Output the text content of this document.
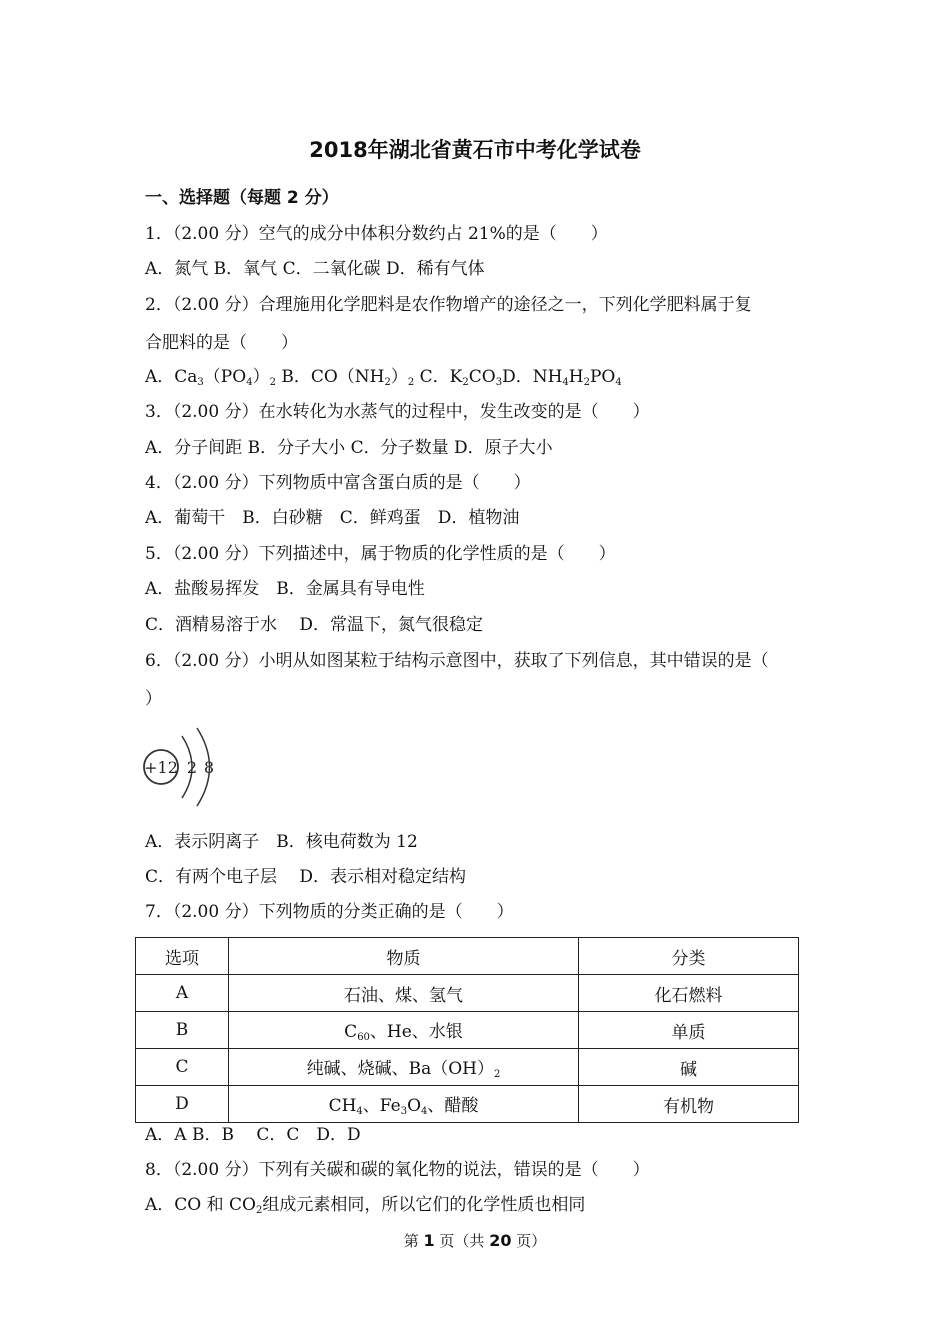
2018年湖北省黄石市中考化学试卷
一、选择题（每题 2 分）
1．（2.00 分）空气的成分中体积分数约占 21%的是（　　）
A．氮气 B．氧气 C．二氧化碳 D．稀有气体
2．（2.00 分）合理施用化学肥料是农作物增产的途径之一，下列化学肥料属于复
合肥料的是（　　）
A．$Ca_3(PO_4)_2$ B．$CO(NH_2)_2$ C．$K_2CO_3D$．$NH_4H_2PO_4$
3．（2.00 分）在水转化为水蒸气的过程中，发生改变的是（　　）
A．分子间距 B．分子大小 C．分子数量 D．原子大小
4．（2.00 分）下列物质中富含蛋白质的是（　　）
A．葡萄干　B．白砂糖　C．鲜鸡蛋　D．植物油
5．（2.00 分）下列描述中，属于物质的化学性质的是（　　）
A．盐酸易挥发　B．金属具有导电性
C．酒精易溶于水　 D．常温下，氮气很稳定
6．（2.00 分）小明从如图某粒于结构示意图中，获取了下列信息，其中错误的是（
）
+12 2 8
A．表示阴离子　B．核电荷数为 12
C．有两个电子层　 D．表示相对稳定结构
7．（2.00 分）下列物质的分类正确的是（　　）
选项	物质	分类
A	石油、煤、氢气	化石燃料
B	$C_{60}$、He、水银	单质
C	纯碱、烧碱、$Ba(OH)_2$	碱
D	$CH_4$、$Fe_3O_4$、醋酸	有机物
A．A B．B　 C．C　D．D
8．（2.00 分）下列有关碳和碳的氧化物的说法，错误的是（　　）
A．CO 和 $CO_2$组成元素相同，所以它们的化学性质也相同
第 1 页（共 20 页）
